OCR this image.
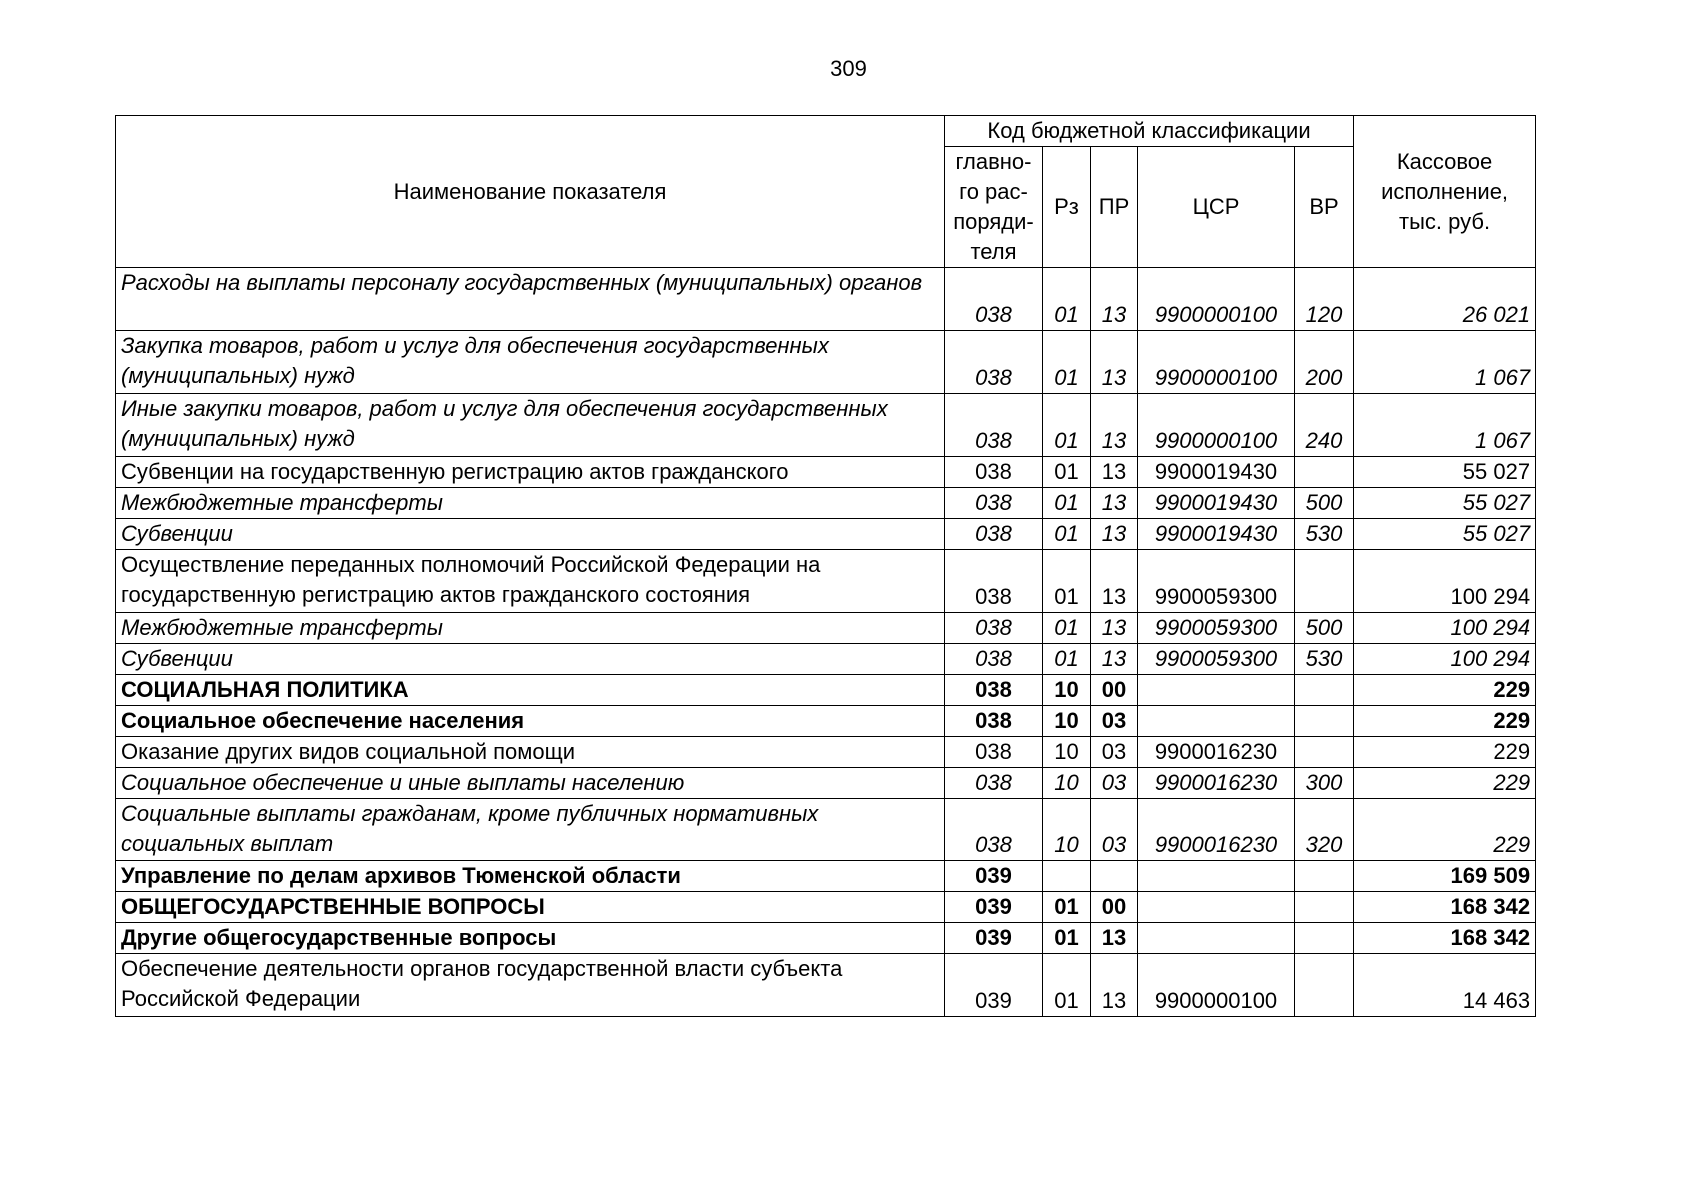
309
Наименование показателя	Код бюджетной классификации					Кассовое исполнение, тыс. руб.
	главно-го рас-поряди-теля	Рз	ПР	ЦСР	ВР	
Расходы на выплаты персоналу государственных (муниципальных) органов	038	01	13	9900000100	120	26 021
Закупка товаров, работ и услуг для обеспечения государственных (муниципальных) нужд	038	01	13	9900000100	200	1 067
Иные закупки товаров, работ и услуг для обеспечения государственных (муниципальных) нужд	038	01	13	9900000100	240	1 067
Субвенции на государственную регистрацию актов гражданского	038	01	13	9900019430		55 027
Межбюджетные трансферты	038	01	13	9900019430	500	55 027
Субвенции	038	01	13	9900019430	530	55 027
Осуществление переданных полномочий Российской Федерации на государственную регистрацию актов гражданского состояния	038	01	13	9900059300		100 294
Межбюджетные трансферты	038	01	13	9900059300	500	100 294
Субвенции	038	01	13	9900059300	530	100 294
СОЦИАЛЬНАЯ ПОЛИТИКА	038	10	00			229
Социальное обеспечение населения	038	10	03			229
Оказание других видов социальной помощи	038	10	03	9900016230		229
Социальное обеспечение и иные выплаты населению	038	10	03	9900016230	300	229
Социальные выплаты гражданам, кроме публичных нормативных социальных выплат	038	10	03	9900016230	320	229
Управление по делам архивов Тюменской области	039					169 509
ОБЩЕГОСУДАРСТВЕННЫЕ ВОПРОСЫ	039	01	00			168 342
Другие общегосударственные вопросы	039	01	13			168 342
Обеспечение деятельности органов государственной власти субъекта Российской Федерации	039	01	13	9900000100		14 463
